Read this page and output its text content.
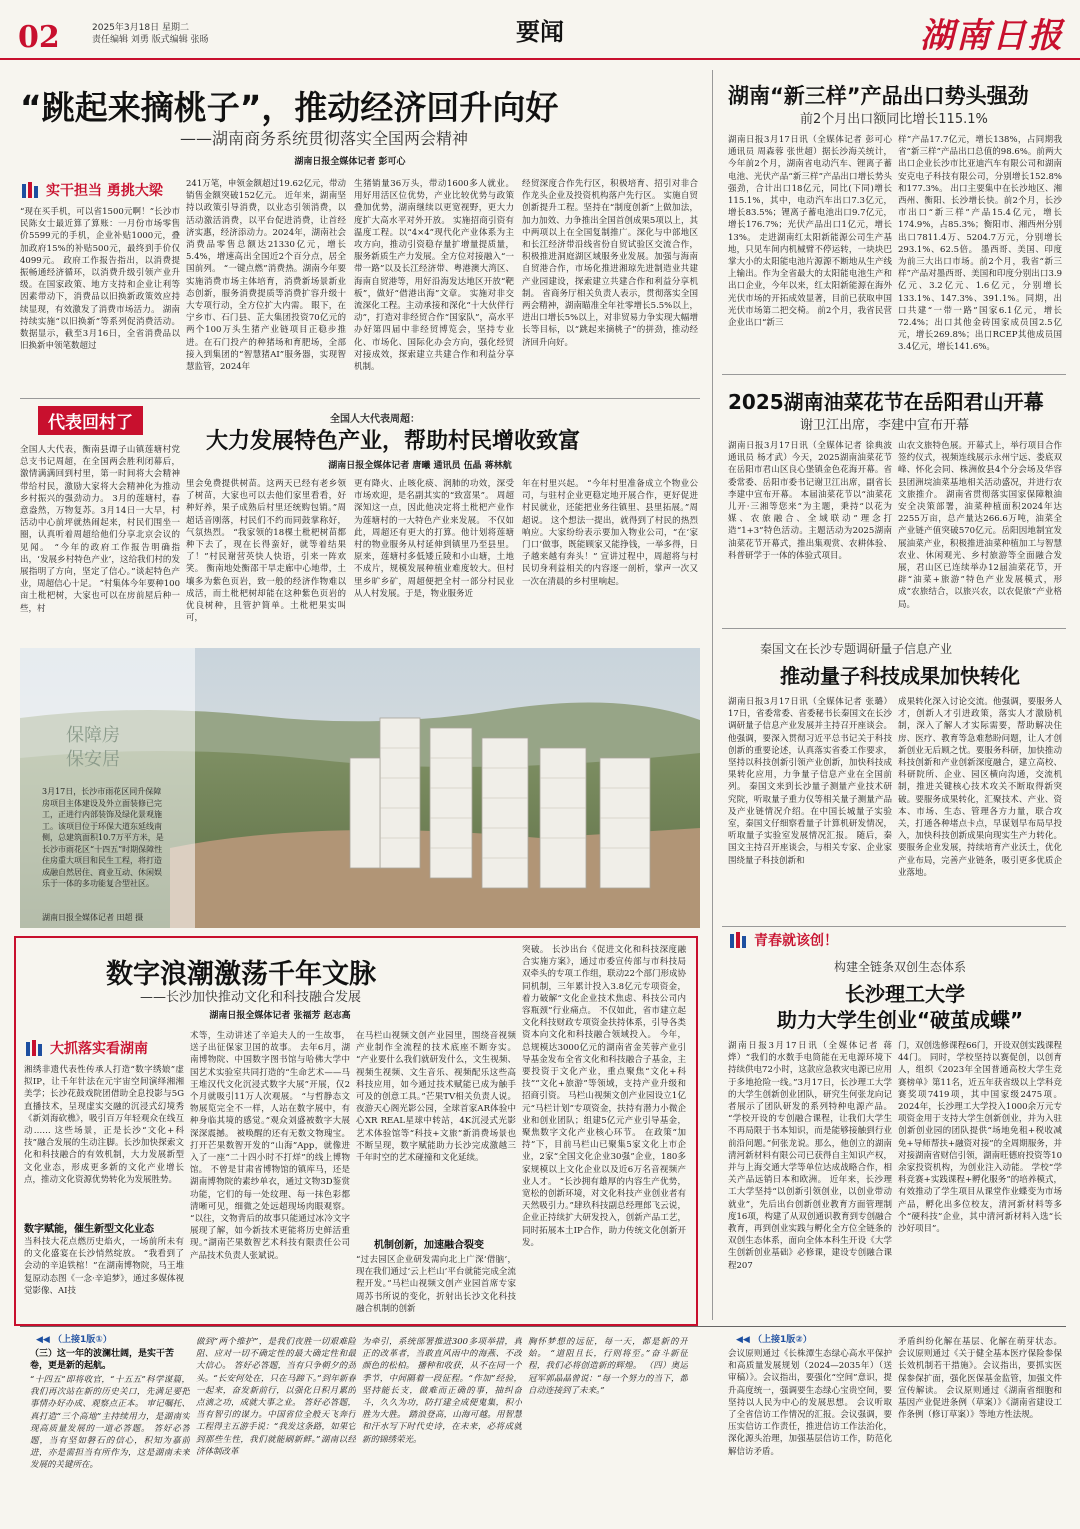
02	2025年3月18日 星期二
责任编辑 刘勇 版式编辑 张旸	要闻	湖南日报
“跳起来摘桃子”，推动经济回升向好
——湖南商务系统贯彻落实全国两会精神
湖南日报全媒体记者 彭可心
实干担当 勇挑大梁
“现在买手机，可以省1500元啊！”长沙市民陈女士最近算了算账：一月份市场零售价5599元的手机，企业补贴1000元，叠加政府15%的补贴500元，最终到手价仅4099元。 政府工作报告指出，以消费提振畅通经济循环，以消费升级引领产业升级。在国家政策、地方支持和企业让利等因素带动下，消费品以旧换新政策效应持续显现，有效激发了消费市场活力。 湖南持续实施“以旧换新”等系列促消费活动。数据显示，截至3月16日，全省消费品以旧换新申领笔数超过
241万笔，申领金额超过19.62亿元，带动销售金额突破152亿元。 近年来，湖南坚持以政策引导消费，以业态引领消费，以活动激活消费，以平台促进消费，让首经济实惠，经济添动力。2024年，湖南社会消费品零售总额达21330亿元，增长5.4%，增速高出全国近2个百分点，居全国前列。 “一键点燃”消费热。湖南今年要实施消费市场主体培育，消费新场景新业态创新，服务消费提质等消费扩容升级十大专项行动，全方位扩大内需。 眼下，在宁乡市、石门县、芷大集团投资70亿元的两个100万头生猪产业链项目正稳步推进。在石门投产的种猪场和育肥场，全部接入到集团的“智慧猪AI”服务器，实现智慧监管，2024年
生猪销量36万头，带动1600多人就业。 用好用活区位优势，产业比较优势与政策叠加优势，湖南继续以更宽视野，更大力度扩大高水平对外开放。 实施招商引资有温度工程。以“4×4”现代化产业体系为主攻方向，推动引资稳存量扩增量提质量，服务新质生产力发展。全方位对接融入“一带一路”以及长江经济带、粤港澳大湾区、海南自贸港等，用好沿海发达地区开放“靶板”，做好“借港出海”文章。 实施对非交流深化工程。主动承接和深化“十大伙伴行动”，打造对非经贸合作“国家队”，高水平办好第四届中非经贸博览会，坚持专业化、市场化、国际化办会方向，强化经贸对接成效，探索建立共建合作和利益分享机制。
经贸深度合作先行区，积极培育、招引对非合作龙头企业及投资机构落户先行区。 实施自贸创新提升工程。坚持在“制度创新”上做加法，加力加效、力争推出全国首创成果5项以上，其中两项以上在全国复制推广。深化与中部地区和长江经济带沿线省份自贸试验区交流合作，积极推进洞庭湖区域服务业发展。加强与海南自贸港合作，市场化推进湘琼先进制造业共建产业园建设，探索建立共建合作和利益分享机制。 省商务厅相关负责人表示，贯彻落实全国两会精神，湖南瞄准全年社零增长5.5%以上，进出口增长5%以上，对非贸易力争实现大幅增长等目标，以“跳起来摘桃子”的拼劲，推动经济回升向好。
代表回村了	全国人大代表周超：
大力发展特色产业，帮助村民增收致富
湖南日报全媒体记者 唐曦 通讯员 伍晶 蒋林航
全国人大代表，衡南县谭子山镇莲塘村党总支书记周超，在全国两会胜利闭幕后，激情满满回到村里，第一时间将大会精神带给村民，激励大家将大会精神化为推动乡村振兴的强劲动力。 3月的莲塘村，春意盎然，万物复苏。3月14日一大早，村活动中心前坪就热闹起来，村民们围坐一圈，认真听着周超给他们分享北京会议的见闻。 “今年的政府工作报告明确指出，‘发展乡村特色产业’，这给我们村的发展指明了方向，坚定了信心。”谈起特色产业，周超信心十足。 “村集体今年要种100亩土枇杷树，大家也可以在房前屋后种一些，村
里会免费提供树苗。这两天已经有老乡领了树苗，大家也可以去他们家里看看，好种好养，果子成熟后村里还统购包销。”周超话音刚落，村民们不约而同鼓掌称好，气氛热烈。 “我家领的18棵土枇杷树苗都种下去了，现在长得蛮好，就等着结果了！”村民谢营英快人快语，引来一阵欢笑。 衡南地处衡邵干旱走廊中心地带，土壤多为紫色页岩，致一般的经济作物难以成活，而土枇杷树却能在这种紫色页岩的优良树种，且管护简单。土枇杷果实叫可，
更有降火、止咳化痰、润肺的功效，深受市场欢迎，是名副其实的“致富果”。 周超深知这一点，因此他决定将土枇杷产业作为莲塘村的一大特色产业来发展。 不仅如此，周超还有更大的打算。他计划将莲塘村的物业服务从村延伸到镇里乃至县里。 原来，莲塘村多低矮丘陵和小山塘，土地不成片，规模发展种植业难度较大。但村里乡旷乡矿，周超便把全村一部分村民业从人村发展。于是，物业服务近
年在村里兴起。 “今年村里准备成立个物业公司，与驻村企业更稳定地开展合作，更好促进村民就业，还能把业务往镇里、县里拓展。”周超说。 这个想法一提出，就得到了村民的热烈响应。大家纷纷表示要加入物业公司，“在‘家门口’做事，既能顾家又能挣钱，一举多得，日子越来越有奔头！” 宣讲过程中，周超将与村民切身利益相关的内容逐一剖析，掌声一次又一次在清晨的乡村里响起。
保障房
保安居
3月17日，长沙市雨花区同升保障房项目主体建设及外立面装修已完工，正进行内部装饰及绿化景观施工。该项目位于环保大道东延线南侧，总建筑面积10.7万平方米，是长沙市雨花区“十四五”时期保障性住房重大项目和民生工程，将打造成融自然居住、商业互动、休闲娱乐于一体的多功能复合型社区。
湖南日报全媒体记者 田超 摄
数字浪潮激荡千年文脉
——长沙加快推动文化和科技融合发展
湖南日报全媒体记者 张福芳 赵志高
大抓落实看湖南
湘绣非遗代表性传承人打造“数字绣娘”虚拟IP，让千年针法在元宇宙空间演绎湘湘美学；长沙花鼓戏院团借助全息投影与5G直播技术，呈现虚实交融的沉浸式幻境秀《新刘海砍樵》，吸引百万年轻观众在线互动…… 这些场景，正是长沙“文化+科技”融合发展的生动注脚。长沙加快探索文化和科技融合的有效机制，大力发展新型文化业态，形成更多新的文化产业增长点，推动文化资源优势转化为发展胜势。
数字赋能，催生新型文化业态
当科技大花点燃历史焰火，一场前所未有的文化盛宴在长沙悄然绽放。 “我看到了会动的辛追铁棺！”在湖南博物院，马王堆复原动态图《一念·辛追梦》，通过多媒体视觉影像、AI技
术等，生动讲述了辛追夫人的一生故事，送子出征保家卫国的故事。 去年6月，湖南博物院、中国数字图书馆与哈佛大学中国艺术实验室共同打造的“生命艺术——马王堆汉代文化沉浸式数字大展”开展，仅2个月就吸引11万人次观展。 “与哲静态文物展览完全不一样，人站在数字展中，有种身临其境的感觉。”观众刘盛被数字大展深深震撼。 被唤醒的还有无数文物瑰宝。打开芒果数智开发的“山海”App，就像进入了一座“二十四小时不打烊”的线上博物馆。 不曾是甘肃省博物馆的镇库马，还是湖南博物院的素纱单衣，通过文物3D鉴赏功能，它们的每一处纹理、每一抹色彩都清晰可见，细微之处远超现场肉眼观察。 “以往，文物背后的故事只能通过冰冷文字展现了解，如今新技术更能将历史鲜活重现。”湖南芒果数智艺术科技有限责任公司产品技术负责人张斌说。
在马栏山视频文创产业园里，围绕音视频产业制作全流程的技术底座不断夯实。 “产业要什么我们就研发什么，文生视频、视频生视频、文生音乐、视频配乐这些高科技应用，如今通过技术赋能已成为触手可及的创意工具。”芒果TV相关负责人说。 夜游天心阁光影公园，全球首家AR体验中心XR REAL星球中转站，4K沉浸式光影艺术体验馆等“科技+文旅”新消费场景也不断呈现，数字赋能助力长沙完成激越三千年时空的艺术碰撞和文化延续。
机制创新，加速融合裂变
“过去园区企业研发需向北上广深‘借脑’，现在我们通过‘云上栏山’平台就能完成全流程开发。”马栏山视频文创产业园首席专家周苏书所说的变化，折射出长沙文化科技融合机制的创新
突破。 长沙出台《促进文化和科技深度融合实施方案》，通过市委宣传部与市科技局双牵头的专项工作组，联动22个部门形成协同机制，三年累计投入3.8亿元专项资金，着力破解“文化企业技术焦虑、科技公司内容瓶颈”行业痛点。 不仅如此，省市建立起文化科技财政专项资金扶持体系，引导各类资本向文化和科技融合领域投入。 今年，总规模达3000亿元的湖南省金芙蓉产业引导基金发布全省文化和科技融合子基金，主要投资于文化产业，重点聚焦“文化+科技”“文化+旅游”等领域，支持产业升级和招商引资。 马栏山视频文创产业园设立1亿元“马栏计划”专项资金，扶持有潜力小微企业和创业团队；组建5亿元产业引导基金，聚焦数字文化产业核心环节。 在政策“加持”下，目前马栏山已聚集5家文化上市企业，2家“全国文化企业30强”企业，180多家规模以上文化企业以及近6万名音视频产业人才。 “长沙拥有雄厚的内容生产优势，宽松的创新环境，对文化科技产业创业者有天然吸引力。”肆玖科技副总经理郎飞云说，企业正持续扩大研发投入，创新产品工艺，同时拓展本土IP合作，助力传统文化创新开发。
湖南“新三样”产品出口势头强劲
前2个月出口额同比增长115.1%
湖南日报3月17日讯（全媒体记者 彭可心 通讯员 周森蓉 张世超）据长沙海关统计，今年前2个月，湖南省电动汽车、锂离子蓄电池、光伏产品“新三样”产品出口增长势头强劲，合计出口18亿元，同比(下同)增长115.1%，其中，电动汽车出口7.3亿元，增长83.5%；锂离子蓄电池出口9.7亿元，增长176.7%；光伏产品出口1亿元，增长13%。 走进湖南红太阳新能源公司生产基地，只见车间内机械臂不停运转，一块块巴掌大小的太阳能电池片源源不断地从生产线上输出。作为全省最大的太阳能电池生产和出口企业，今年以来，红太阳新能源在海外光伏市场的开拓成效显著，目前已获取申国光伏市场第二把交椅。 前2个月，我省民营企业出口“新三
样”产品17.7亿元，增长138%，占同期我省“新三样”产品出口总值的98.6%。前两大出口企业长沙市比亚迪汽车有限公司和湖南安克电子科技有限公司，分别增长152.8%和177.3%。 出口主要集中在长沙地区、湘西州、衡阳、长沙增长快。前2个月，长沙市出口“新三样”产品15.4亿元，增长174.9%，占85.3%；衡阳市、湘西州分别出口7811.4万、5204.7万元，分别增长293.1%、62.5倍。 墨西哥、美国、印度为前三大出口市场。前2个月，我省“新三样”产品对墨西哥、美国和印度分别出口3.9亿元、3.2亿元、1.6亿元，分别增长133.1%、147.3%、391.1%。同期，出口共建“一带一路”国家6.1亿元，增长72.4%；出口其他金砖国家成员国2.5亿元，增长269.8%；出口RCEP其他成员国3.4亿元，增长141.6%。
2025湖南油菜花节在岳阳君山开幕
谢卫江出席，李建中宣布开幕
湖南日报3月17日讯（全媒体记者 徐典波 通讯员 杨才武）今天，2025湖南油菜花节在岳阳市君山区良心堡镇金色花海开幕。省委常委、岳阳市委书记谢卫江出席，副省长李建中宣布开幕。 本届油菜花节以“油菜花儿开·三湘等您来”为主题，秉持“以花为媒、农旅融合、全域联动”理念打造“1+3”特色活动。主题活动为2025湖南油菜花节开幕式，推出集观赏、农耕体验、科普研学于一体的体验式项目。
山农文旅特色展。开幕式上，举行项目合作签约仪式，视频连线展示永州宁远、娄底双峰、怀化会同、株洲攸县4个分会场及华容县团洲垸油菜基地相关活动盛况，并进行农文旅推介。 湖南省贯彻落实国家保障粮油安全决策部署，油菜种植面积2024年达2255万亩，总产量达266.6万吨，油菜全产业链产值突破570亿元。岳阳因地制宜发展油菜产业，积极推进油菜种植加工与智慧农业、休闲观光、乡村旅游等全面融合发展，君山区已连续举办12届油菜花节，开辟“油菜+旅游”特色产业发展模式，形成“农旅结合，以旅兴农，以农促旅”产业格局。
秦国文在长沙专题调研量子信息产业
推动量子科技成果加快转化
湖南日报3月17日讯（全媒体记者 张璐）17日，省委常委、省委秘书长秦国文在长沙调研量子信息产业发展并主持召开座谈会。他强调，要深入贯彻习近平总书记关于科技创新的重要论述，认真落实省委工作要求，坚持以科技创新引领产业创新，加快科技成果转化应用，力争量子信息产业在全国前列。 秦国文来到长沙量子测量产业技术研究院，听取量子重力仪等相关量子测量产品及产业链情况介绍。在中国长城量子实验室，秦国文仔细察看量子计算机研发情况，听取量子实验室发展情况汇报。 随后，秦国文主持召开座谈会，与相关专家、企业家围绕量子科技创新和
成果转化深入讨论交流。他强调，要服务人才，创新人才引进政策，落实人才激励机制，深入了解人才实际需要，帮助解决住房、医疗、教育等急难愁盼问题，让人才创新创业无后顾之忧。要服务科研，加快推动科技创新和产业创新深度融合，建立高校、科研院所、企业、园区横向沟通，交流机制，推进关键核心技术攻关不断取得新突破。要服务成果转化，汇聚技术、产业、资本、市场、生态、管理各方力量，联合攻关，打通各种堵点卡点，早谋划早布局早投入，加快科技创新成果向现实生产力转化。要服务企业发展，持续培育产业沃土，优化产业布局，完善产业链条，吸引更多优质企业落地。
青春就该创！
构建全链条双创生态体系
长沙理工大学
助力大学生创业“破茧成蝶”
湖南日报3月17日讯（全媒体记者 蒋烨）“我们的水数手电筒能在无电源环境下持续供电72小时，这款应急救灾电源已应用于多地抢险一线。”3月17日，长沙理工大学的大学生创新创业团队，研究生何张龙向记者展示了团队研发的系列特种电源产品。 “学校开设的专创融合课程，让我们大学生不再局限于书本知识，而是能够接触到行业前沿问题。”何张龙说。那么，他创立的湖南清河新材料有限公司已获得自主知识产权，并与上海交通大学等单位达成战略合作，相关产品远销日本和欧洲。 近年来，长沙理工大学坚持“以创新引领创业，以创业带动就业”，先后出台创新创业教育方面管理制度16项，构建了从双创通识教育到专创融合教育，再到创业实践与孵化全方位全链条的双创生态体系，面向全体本科生开设《大学生创新创业基础》必修课，建设专创融合课程207
门，双创选修课程66门，开设双创实践课程44门。 同时，学校坚持以赛促创，以创育人，组织《2023年全国普通高校大学生竞赛榜单》第11名，近五年获省级以上学科竞赛奖项7419项，其中国家级2475项。 2024年，长沙理工大学投入1000余万元专项资金用于支持大学生创新创业，并为入驻创新创业园的团队提供“场地免租+税收减免+导师帮扶+融资对接”的全周期服务，并对接湖南省财信引领，湖南旺德府投资等10余家投资机构，为创业注入动能。 学校“学科竞赛+实践课程+孵化服务”的培养模式，有效推动了学生项目从课堂作业蝶变为市场产品，孵化出多位校友，清河新材料等多个“硬科技”企业，其中清河新材料入选“长沙好项目”。
◀◀ （上接1版①）
（三）这一年的波澜壮阔，是实干苦卷，更是新的起航。
“十四五”即将收官，“十五五”科学谋篇，我们再次站在新的历史关口，先满足要把事情办好办成、观察点正本。 审记嘱托、真打造“三个高地”主持续用力，是湖南实现高质量发展的一道必答题。 答好必答题，当有坚如磐石的信心，积知为嘉前进，亦是需担当有所作为，这是湖南未来发展的关键所在。
做到“两个维护”，是我们夜胜一切艰难险阻、应对一切不确定性的最大确定性和最大信心。 答好必答题，当有只争朝夕的劲头。“长安何处在，只在马蹄下。”到年新春一起来，奋发新前行，以强化日积月累的点滴之功，成就大事之业。 答好必答题，当有智引的谋力。中国省位全般天飞奔行工程得主五游手说：“我发这条路，如果它到那些生性，我们就能刷新鲜。”湖南以经济体制改革
为牵引，系统部署推进300多项举措，真正的改革者，当敢直风雨中的海燕、不改颜色的松柏。 播种和收获，从不在同一个季节，中间隔着一段征程。“作加”经验，坚持能长支，做难而正确的事，抽纠奋斗，久久为功，防打建全成便鬼集，积小胜为大胜。 踏浪登高，山海可越。用智慧和汗水写下时代史诗，在未来，必将成就新的锦绣荣光。
胸怀梦想的远征，每一天，都是新的开始。 “道阻且长，行则将至。”奋斗新征程，我们必将创造新的辉煌。 （四）奥运冠军郭晶晶曾说：“每一个努力的当下，都自动连接到了未来。”
◀◀ （上接1版②）
会议原则通过《长株潭生态绿心高水平保护和高质量发展规划（2024—2035年）（送审稿）》。会议指出，要强化“空间”意识，提升高度统一，强调要生态绿心宝贵空间，要坚持以人民为中心的发展思想。 会议听取了全省信访工作情况的汇报。会议强调，要压实信访工作责任，推进信访工作法治化，深化源头治理，加强基层信访工作，防范化解信访矛盾。
矛盾纠纷化解在基层、化解在萌芽状态。 会议原则通过《关于健全基本医疗保险参保长效机制若干措施》。会议指出，要抓实医保参保扩面，强化医保基金监管，加强文件宣传解读。 会议原则通过《湖南省细胞和基因产业促进条例（草案）》《湖南省建设工作条例（修订草案）》等地方性法规。
